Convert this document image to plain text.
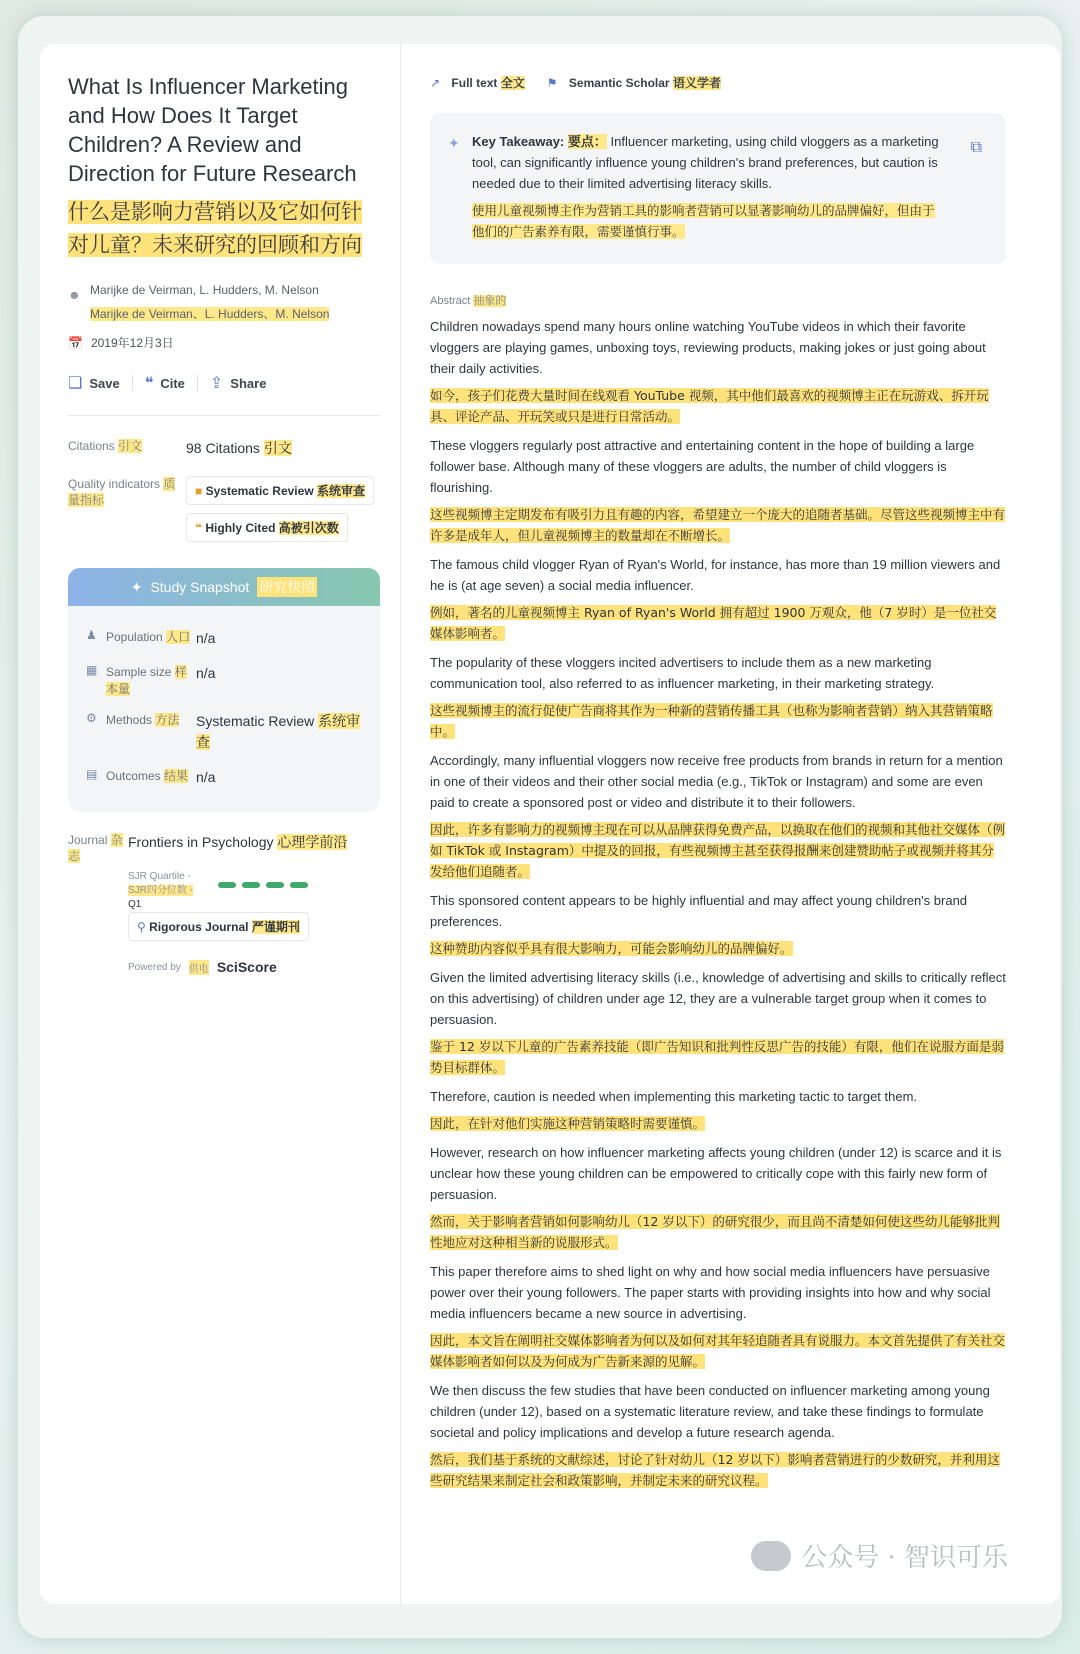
What Is Influencer Marketing and How Does It Target Children? A Review and Direction for Future Research
什么是影响力营销以及它如何针对儿童？未来研究的回顾和方向
☻ Marijke de Veirman, L. Hudders, M. Nelson
Marijke de Veirman、L. Hudders、M. Nelson
📅 2019年12月3日
❏ Save ❝ Cite ⇪ Share
Citations 引文	98 Citations 引文
Quality indicators 质量指标
■ Systematic Review 系统审查
❝ Highly Cited 高被引次数
✦ Study Snapshot 研究快照
♟ Population 人口 n/a
▦ Sample size 样本量
n/a
⚙ Methods 方法	Systematic Review 系统审查
▤ Outcomes 结果 n/a
Journal 杂志
Frontiers in Psychology 心理学前沿
SJR Quartile -
SJR四分位数 -
Q1
⚲ Rigorous Journal 严谨期刊
Powered by 供电 SciScore
↗ Full text 全文 ⚑ Semantic Scholar 语义学者
✦	⧉
Key Takeaway: 要点： Influencer marketing, using child vloggers as a marketing tool, can significantly influence young children's brand preferences, but caution is needed due to their limited advertising literacy skills.
使用儿童视频博主作为营销工具的影响者营销可以显著影响幼儿的品牌偏好，但由于他们的广告素养有限，需要谨慎行事。
Abstract 抽象的
Children nowadays spend many hours online watching YouTube videos in which their favorite vloggers are playing games, unboxing toys, reviewing products, making jokes or just going about their daily activities.
如今，孩子们花费大量时间在线观看 YouTube 视频，其中他们最喜欢的视频博主正在玩游戏、拆开玩具、评论产品、开玩笑或只是进行日常活动。
These vloggers regularly post attractive and entertaining content in the hope of building a large follower base. Although many of these vloggers are adults, the number of child vloggers is flourishing.
这些视频博主定期发布有吸引力且有趣的内容，希望建立一个庞大的追随者基础。尽管这些视频博主中有许多是成年人，但儿童视频博主的数量却在不断增长。
The famous child vlogger Ryan of Ryan's World, for instance, has more than 19 million viewers and he is (at age seven) a social media influencer.
例如，著名的儿童视频博主 Ryan of Ryan's World 拥有超过 1900 万观众，他（7 岁时）是一位社交媒体影响者。
The popularity of these vloggers incited advertisers to include them as a new marketing communication tool, also referred to as influencer marketing, in their marketing strategy.
这些视频博主的流行促使广告商将其作为一种新的营销传播工具（也称为影响者营销）纳入其营销策略中。
Accordingly, many influential vloggers now receive free products from brands in return for a mention in one of their videos and their other social media (e.g., TikTok or Instagram) and some are even paid to create a sponsored post or video and distribute it to their followers.
因此，许多有影响力的视频博主现在可以从品牌获得免费产品，以换取在他们的视频和其他社交媒体（例如 TikTok 或 Instagram）中提及的回报，有些视频博主甚至获得报酬来创建赞助帖子或视频并将其分发给他们追随者。
This sponsored content appears to be highly influential and may affect young children's brand preferences.
这种赞助内容似乎具有很大影响力，可能会影响幼儿的品牌偏好。
Given the limited advertising literacy skills (i.e., knowledge of advertising and skills to critically reflect on this advertising) of children under age 12, they are a vulnerable target group when it comes to persuasion.
鉴于 12 岁以下儿童的广告素养技能（即广告知识和批判性反思广告的技能）有限，他们在说服方面是弱势目标群体。
Therefore, caution is needed when implementing this marketing tactic to target them.
因此，在针对他们实施这种营销策略时需要谨慎。
However, research on how influencer marketing affects young children (under 12) is scarce and it is unclear how these young children can be empowered to critically cope with this fairly new form of persuasion.
然而，关于影响者营销如何影响幼儿（12 岁以下）的研究很少，而且尚不清楚如何使这些幼儿能够批判性地应对这种相当新的说服形式。
This paper therefore aims to shed light on why and how social media influencers have persuasive power over their young followers. The paper starts with providing insights into how and why social media influencers became a new source in advertising.
因此，本文旨在阐明社交媒体影响者为何以及如何对其年轻追随者具有说服力。本文首先提供了有关社交媒体影响者如何以及为何成为广告新来源的见解。
We then discuss the few studies that have been conducted on influencer marketing among young children (under 12), based on a systematic literature review, and take these findings to formulate societal and policy implications and develop a future research agenda.
然后，我们基于系统的文献综述，讨论了针对幼儿（12 岁以下）影响者营销进行的少数研究，并利用这些研究结果来制定社会和政策影响，并制定未来的研究议程。
公众号 · 智识可乐
